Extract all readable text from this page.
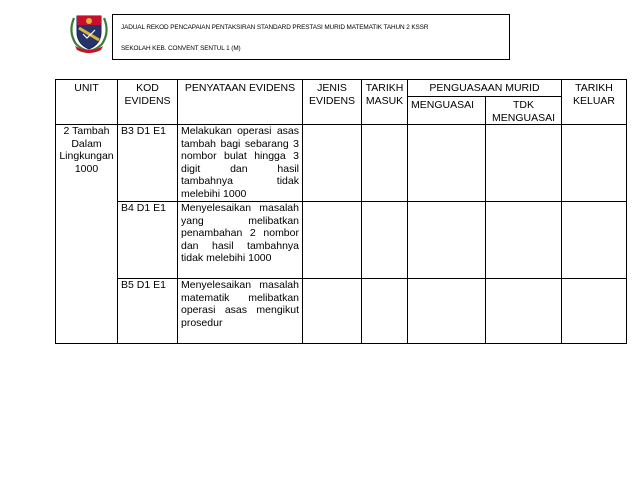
JADUAL REKOD PENCAPAIAN PENTAKSIRAN STANDARD PRESTASI MURID MATEMATIK TAHUN 2 KSSR
SEKOLAH KEB. CONVENT SENTUL 1 (M)
UNIT	KOD EVIDENS	PENYATAAN EVIDENS	JENIS EVIDENS	TARIKH MASUK	PENGUASAAN MURID		TARIKH KELUAR
					MENGUASAI	TDK MENGUASAI	
2 Tambah Dalam Lingkungan 1000	B3 D1 E1	Melakukan operasi asas tambah bagi sebarang 3 nombor bulat hingga 3 digit dan hasil tambahnya tidak melebihi 1000					
	B4 D1 E1	Menyelesaikan masalah yang melibatkan penambahan 2 nombor dan hasil tambahnya tidak melebihi 1000					
	B5 D1 E1	Menyelesaikan masalah matematik melibatkan operasi asas mengikut prosedur					
